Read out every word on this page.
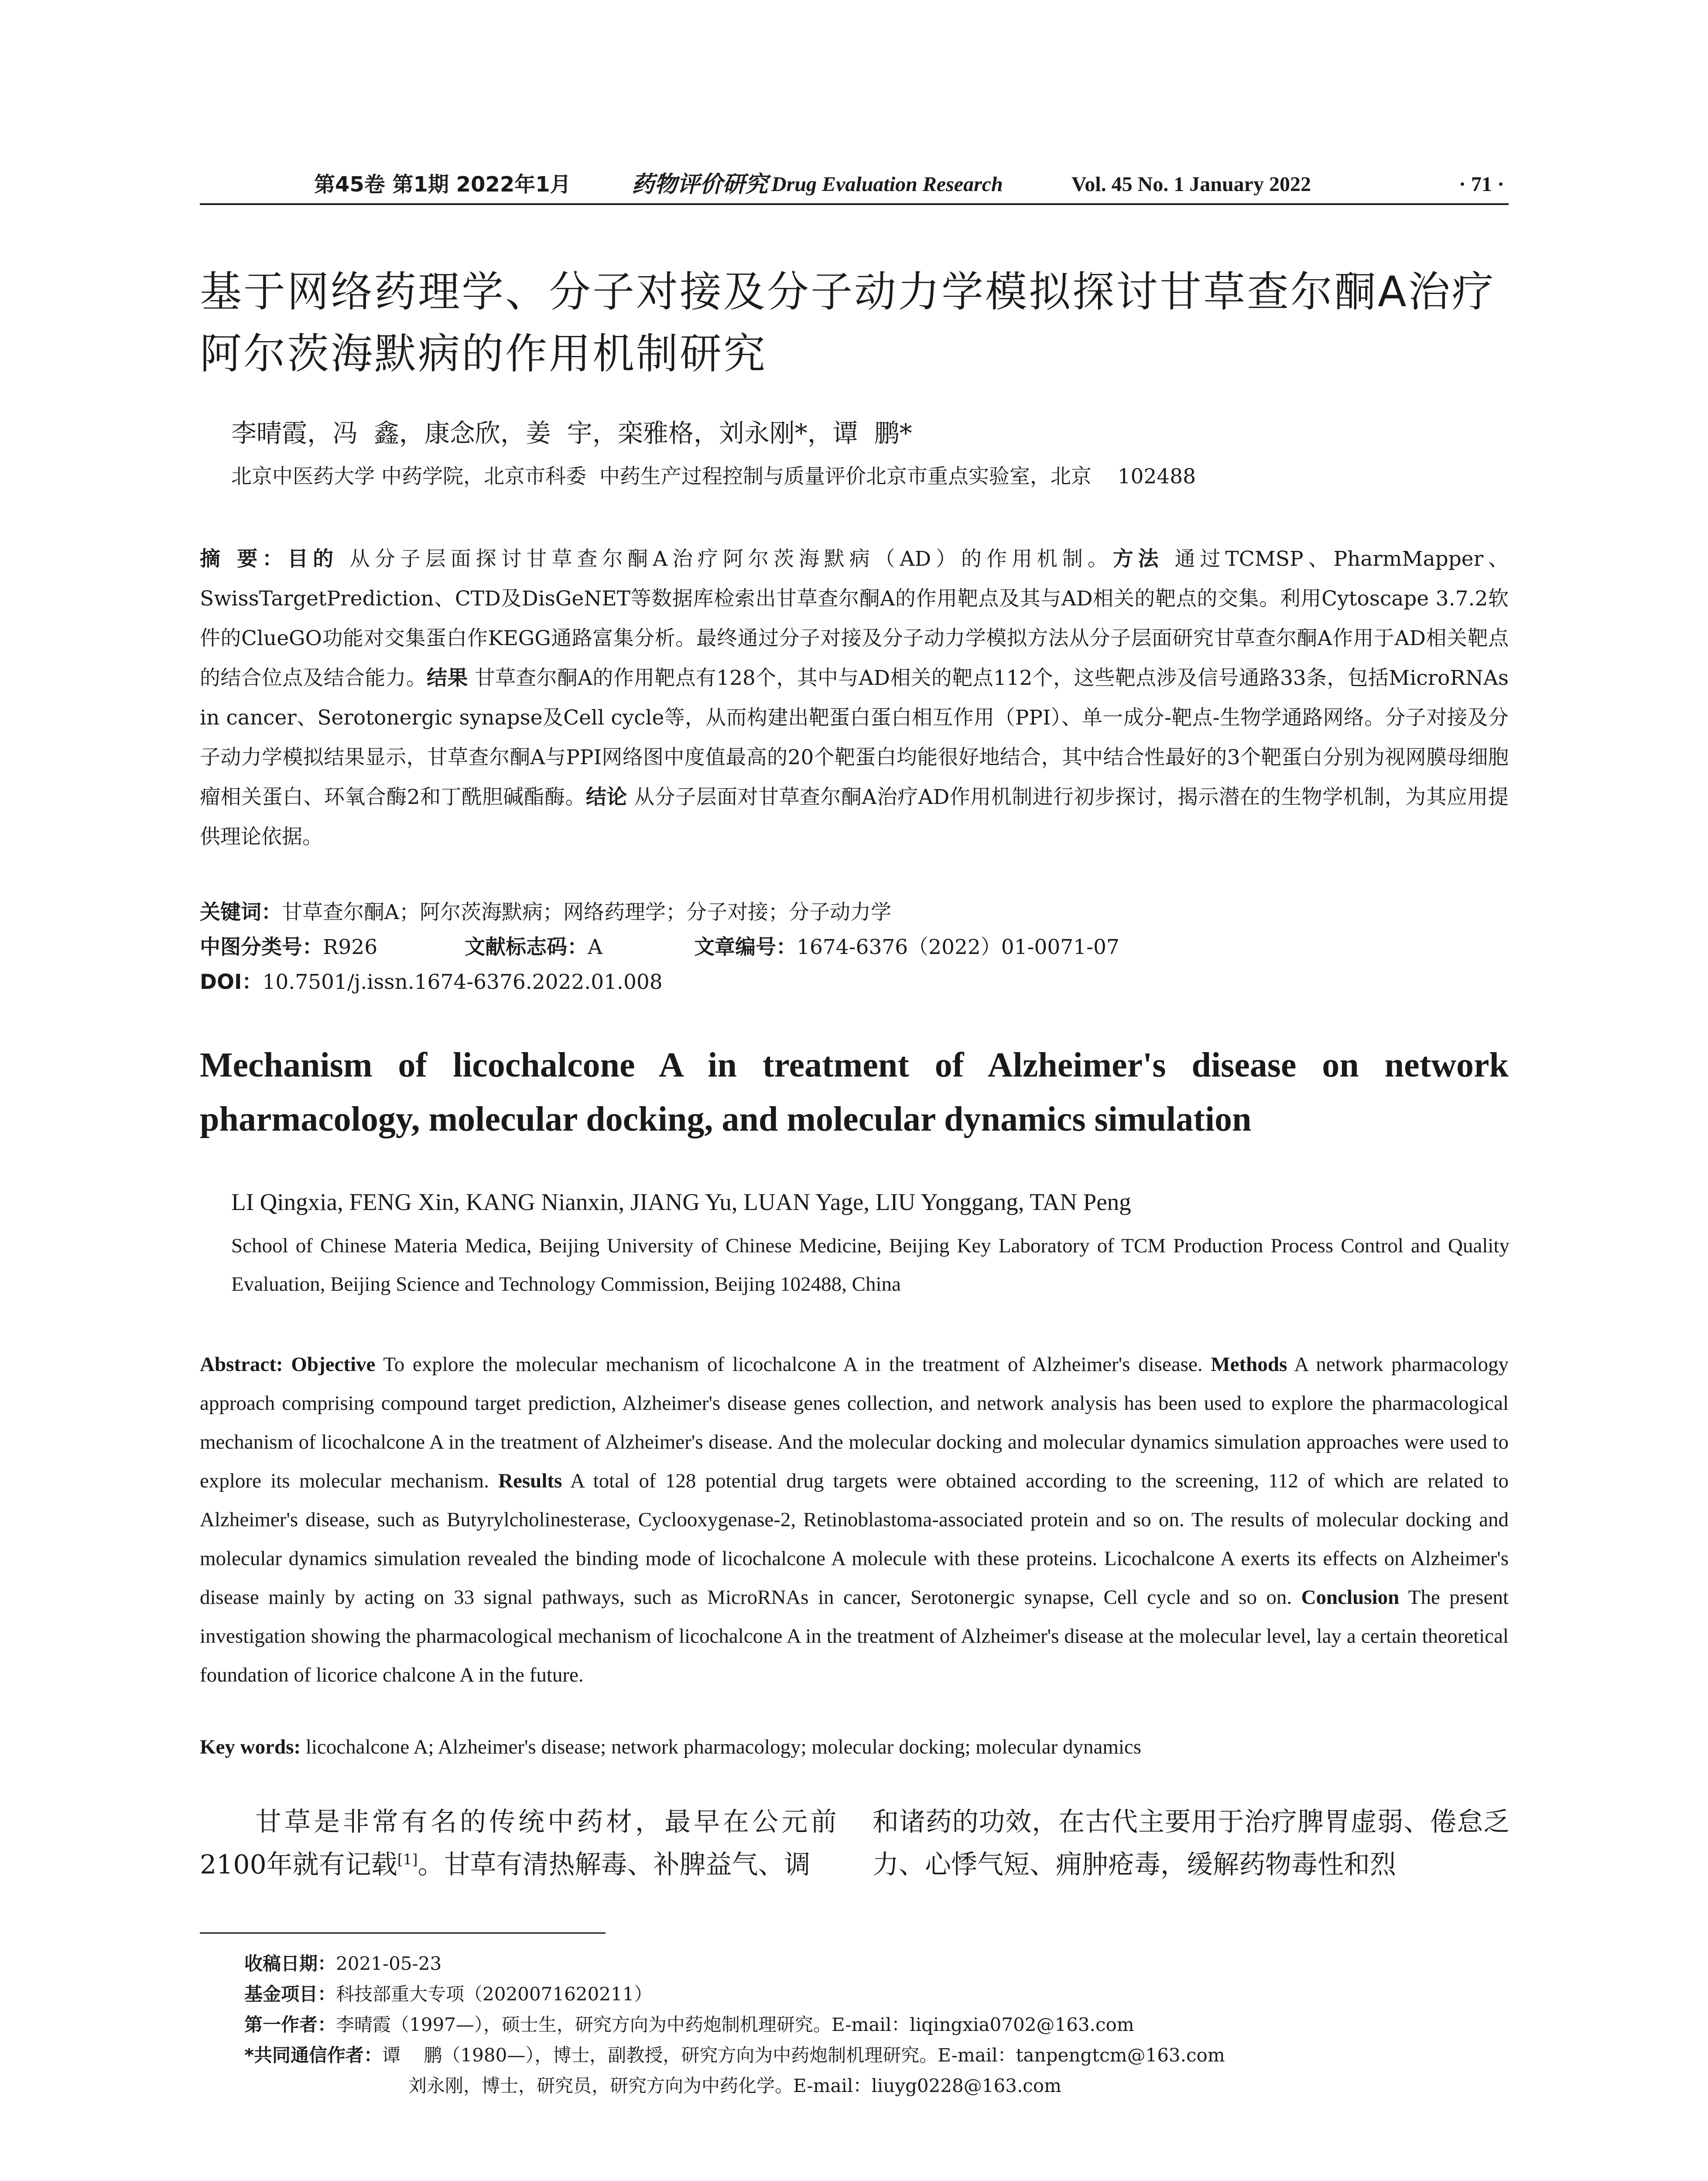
第45卷 第1期 2022年1月	药物评价研究 Drug Evaluation Research	Vol. 45 No. 1 January 2022	· 71 ·
基于网络药理学、分子对接及分子动力学模拟探讨甘草查尔酮A治疗阿尔茨海默病的作用机制研究
李晴霞，冯  鑫，康念欣，姜  宇，栾雅格，刘永刚*，谭  鹏*
北京中医药大学 中药学院，北京市科委  中药生产过程控制与质量评价北京市重点实验室，北京    102488
摘 要：目的 从分子层面探讨甘草查尔酮A治疗阿尔茨海默病（AD）的作用机制。方法 通过TCMSP、PharmMapper、SwissTargetPrediction、CTD及DisGeNET等数据库检索出甘草查尔酮A的作用靶点及其与AD相关的靶点的交集。利用Cytoscape 3.7.2软件的ClueGO功能对交集蛋白作KEGG通路富集分析。最终通过分子对接及分子动力学模拟方法从分子层面研究甘草查尔酮A作用于AD相关靶点的结合位点及结合能力。结果 甘草查尔酮A的作用靶点有128个，其中与AD相关的靶点112个，这些靶点涉及信号通路33条，包括MicroRNAs in cancer、Serotonergic synapse及Cell cycle等，从而构建出靶蛋白蛋白相互作用（PPI）、单一成分-靶点-生物学通路网络。分子对接及分子动力学模拟结果显示，甘草查尔酮A与PPI网络图中度值最高的20个靶蛋白均能很好地结合，其中结合性最好的3个靶蛋白分别为视网膜母细胞瘤相关蛋白、环氧合酶2和丁酰胆碱酯酶。结论 从分子层面对甘草查尔酮A治疗AD作用机制进行初步探讨，揭示潜在的生物学机制，为其应用提供理论依据。
关键词：甘草查尔酮A；阿尔茨海默病；网络药理学；分子对接；分子动力学
中图分类号：R926	文献标志码：A	文章编号：1674-6376（2022）01-0071-07
DOI：10.7501/j.issn.1674-6376.2022.01.008
Mechanism of licochalcone A in treatment of Alzheimer's disease on network pharmacology, molecular docking, and molecular dynamics simulation
LI Qingxia, FENG Xin, KANG Nianxin, JIANG Yu, LUAN Yage, LIU Yonggang, TAN Peng
School of Chinese Materia Medica, Beijing University of Chinese Medicine, Beijing Key Laboratory of TCM Production Process Control and Quality Evaluation, Beijing Science and Technology Commission, Beijing 102488, China
Abstract: Objective To explore the molecular mechanism of licochalcone A in the treatment of Alzheimer's disease. Methods A network pharmacology approach comprising compound target prediction, Alzheimer's disease genes collection, and network analysis has been used to explore the pharmacological mechanism of licochalcone A in the treatment of Alzheimer's disease. And the molecular docking and molecular dynamics simulation approaches were used to explore its molecular mechanism. Results A total of 128 potential drug targets were obtained according to the screening, 112 of which are related to Alzheimer's disease, such as Butyrylcholinesterase, Cyclooxygenase-2, Retinoblastoma-associated protein and so on. The results of molecular docking and molecular dynamics simulation revealed the binding mode of licochalcone A molecule with these proteins. Licochalcone A exerts its effects on Alzheimer's disease mainly by acting on 33 signal pathways, such as MicroRNAs in cancer, Serotonergic synapse, Cell cycle and so on. Conclusion The present investigation showing the pharmacological mechanism of licochalcone A in the treatment of Alzheimer's disease at the molecular level, lay a certain theoretical foundation of licorice chalcone A in the future.
Key words: licochalcone A; Alzheimer's disease; network pharmacology; molecular docking; molecular dynamics
甘草是非常有名的传统中药材，最早在公元前2100年就有记载[1]。甘草有清热解毒、补脾益气、调
和诸药的功效，在古代主要用于治疗脾胃虚弱、倦怠乏力、心悸气短、痈肿疮毒，缓解药物毒性和烈
收稿日期：2021-05-23
基金项目：科技部重大专项（2020071620211）
第一作者：李晴霞（1997—），硕士生，研究方向为中药炮制机理研究。E-mail：liqingxia0702@163.com
*共同通信作者：谭    鹏（1980—），博士，副教授，研究方向为中药炮制机理研究。E-mail：tanpengtcm@163.com
刘永刚，博士，研究员，研究方向为中药化学。E-mail：liuyg0228@163.com
